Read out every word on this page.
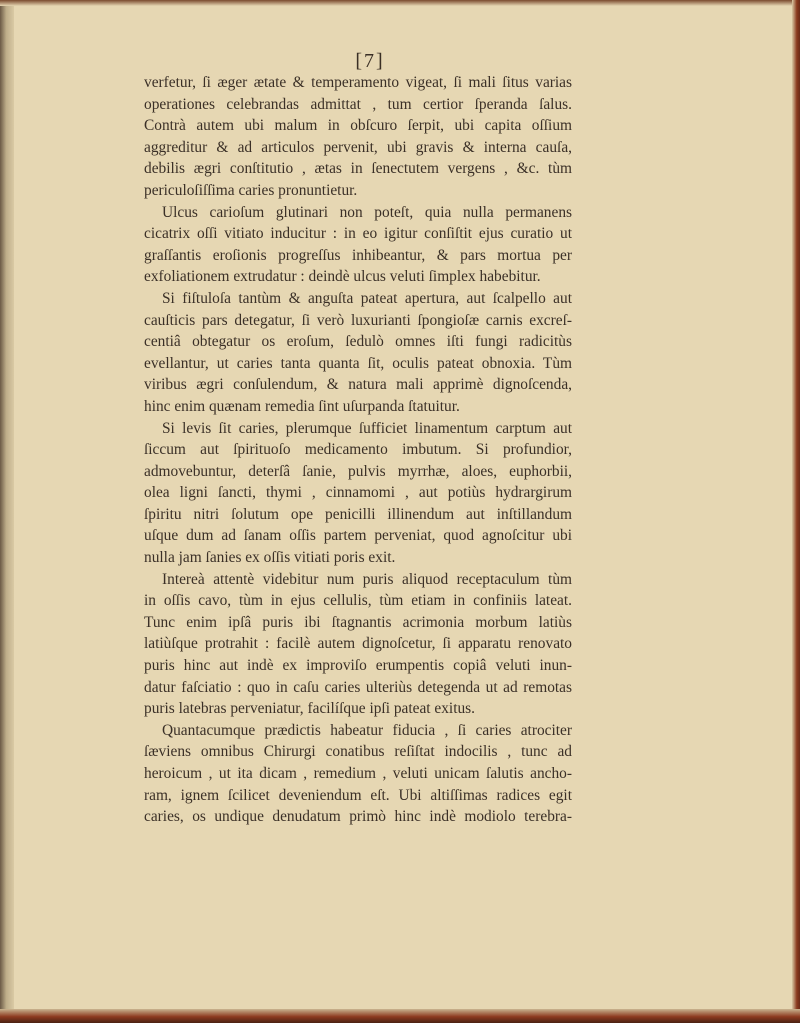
[7]
verfetur, ſi æger ætate & temperamento vigeat, ſi mali ſitus varias
operationes celebrandas admittat , tum certior ſperanda ſalus.
Contrà autem ubi malum in obſcuro ſerpit, ubi capita oſſium
aggreditur & ad articulos pervenit, ubi gravis & interna cauſa,
debilis ægri conſtitutio , ætas in ſenectutem vergens , &c. tùm
periculoſiſſima caries pronuntietur.
Ulcus carioſum glutinari non poteſt, quia nulla permanens
cicatrix oſſi vitiato inducitur : in eo igitur conſiſtit ejus curatio ut
graſſantis eroſionis progreſſus inhibeantur, & pars mortua per
exfoliationem extrudatur : deindè ulcus veluti ſimplex habebitur.
Si fiſtuloſa tantùm & anguſta pateat apertura, aut ſcalpello aut
cauſticis pars detegatur, ſi verò luxurianti ſpongioſæ carnis excreſ-
centiâ obtegatur os eroſum, ſedulò omnes iſti fungi radicitùs
evellantur, ut caries tanta quanta ſit, oculis pateat obnoxia. Tùm
viribus ægri conſulendum, & natura mali apprimè dignoſcenda,
hinc enim quænam remedia ſint uſurpanda ſtatuitur.
Si levis ſit caries, plerumque ſufficiet linamentum carptum aut
ſiccum aut ſpirituoſo medicamento imbutum. Si profundior,
admovebuntur, deterſâ ſanie, pulvis myrrhæ, aloes, euphorbii,
olea ligni ſancti, thymi , cinnamomi , aut potiùs hydrargirum
ſpiritu nitri ſolutum ope penicilli illinendum aut inſtillandum
uſque dum ad ſanam oſſis partem perveniat, quod agnoſcitur ubi
nulla jam ſanies ex oſſis vitiati poris exit.
Intereà attentè videbitur num puris aliquod receptaculum tùm
in oſſis cavo, tùm in ejus cellulis, tùm etiam in confiniis lateat.
Tunc enim ipſâ puris ibi ſtagnantis acrimonia morbum latiùs
latiùſque protrahit : facilè autem dignoſcetur, ſi apparatu renovato
puris hinc aut indè ex improviſo erumpentis copiâ veluti inun-
datur faſciatio : quo in caſu caries ulteriùs detegenda ut ad remotas
puris latebras perveniatur, facilíſque ipſi pateat exitus.
Quantacumque prædictis habeatur fiducia , ſi caries atrociter
ſæviens omnibus Chirurgi conatibus reſiſtat indocilis , tunc ad
heroicum , ut ita dicam , remedium , veluti unicam ſalutis ancho-
ram, ignem ſcilicet deveniendum eſt. Ubi altiſſimas radices egit
caries, os undique denudatum primò hinc indè modiolo terebra-
